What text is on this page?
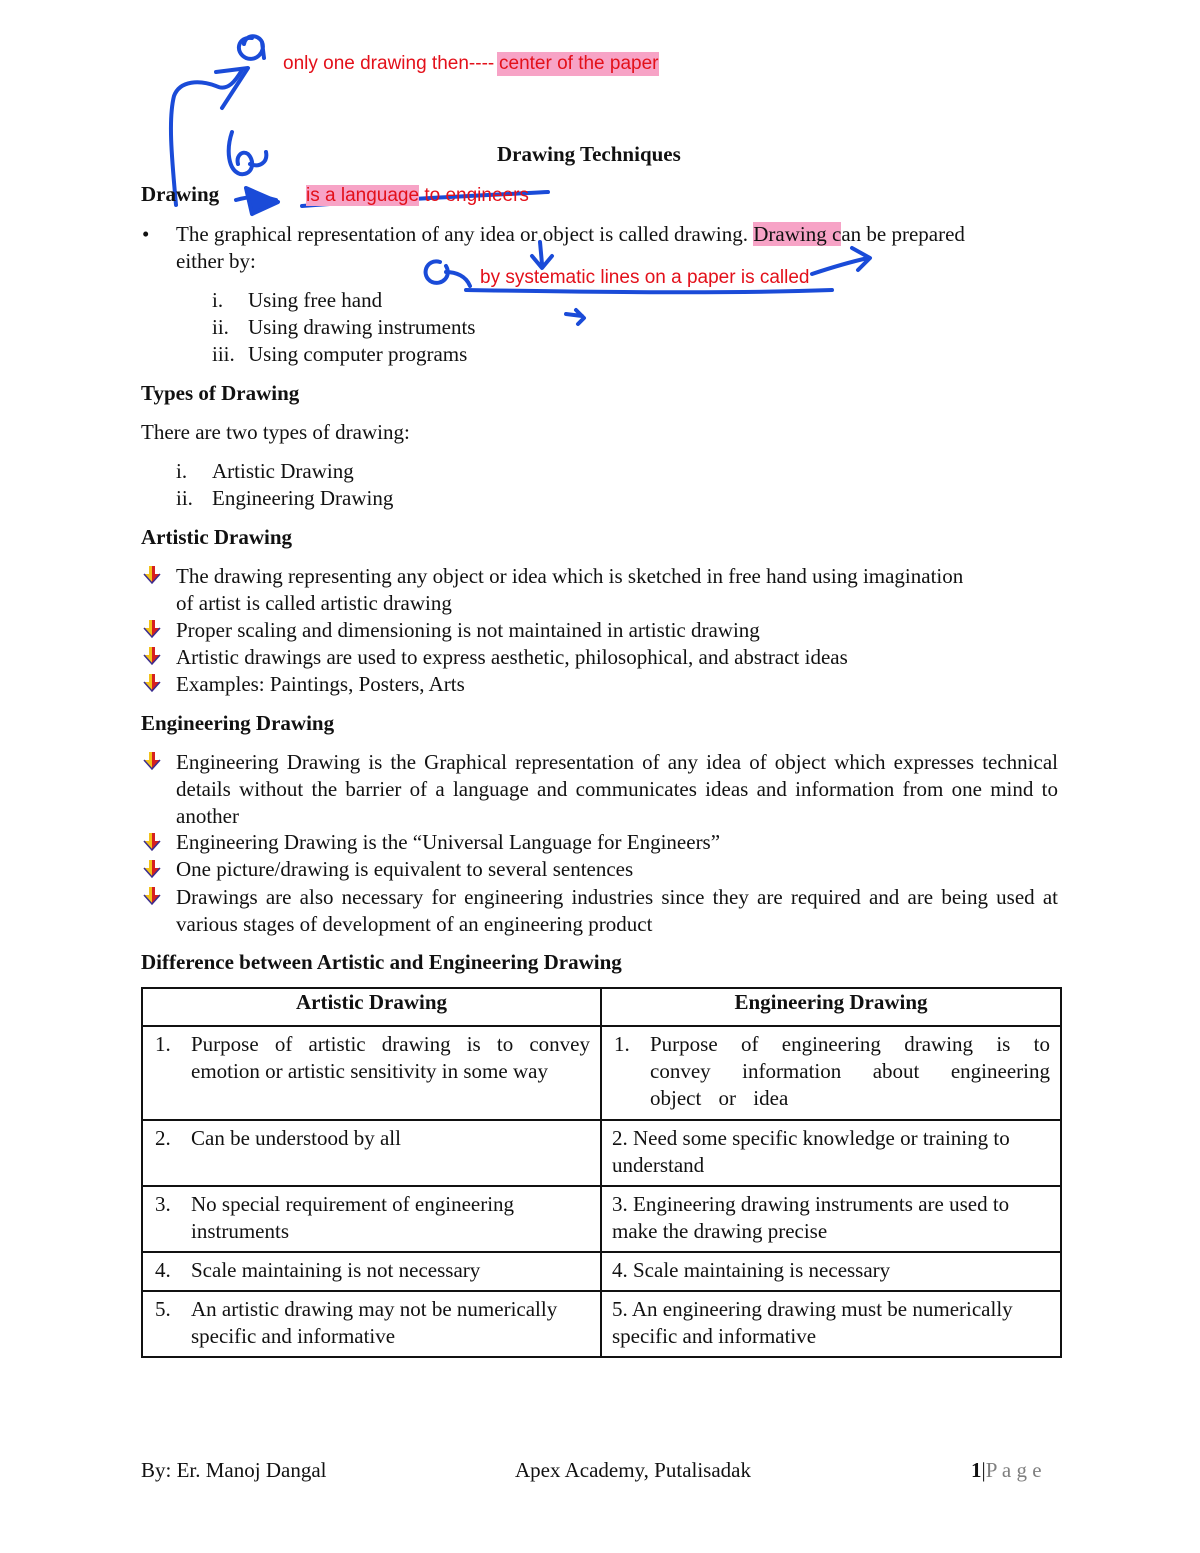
only one drawing then---- center of the paper
is a language to engineers
by systematic lines on a paper is called
Drawing Techniques
Drawing
• The graphical representation of any idea or object is called drawing. Drawing can be prepared
either by:
i. Using free hand
ii. Using drawing instruments
iii. Using computer programs
Types of Drawing
There are two types of drawing:
i. Artistic Drawing
ii. Engineering Drawing
Artistic Drawing
The drawing representing any object or idea which is sketched in free hand using imagination
of artist is called artistic drawing
Proper scaling and dimensioning is not maintained in artistic drawing
Artistic drawings are used to express aesthetic, philosophical, and abstract ideas
Examples: Paintings, Posters, Arts
Engineering Drawing
Engineering Drawing is the Graphical representation of any idea of object which expresses technical details without the barrier of a language and communicates ideas and information from one mind to another
Engineering Drawing is the “Universal Language for Engineers”
One picture/drawing is equivalent to several sentences
Drawings are also necessary for engineering industries since they are required and are being used at various stages of development of an engineering product
Difference between Artistic and Engineering Drawing
Artistic Drawing	Engineering Drawing

1. Purpose of artistic drawing is to convey emotion or artistic sensitivity in some way	1. Purpose of engineering drawing is to convey information about engineering object or idea

2. Can be understood by all	2. Need some specific knowledge or training to understand

3. No special requirement of engineering instruments	3. Engineering drawing instruments are used to make the drawing precise

4. Scale maintaining is not necessary	4. Scale maintaining is necessary

5. An artistic drawing may not be numerically specific and informative	5. An engineering drawing must be numerically specific and informative
By: Er. Manoj Dangal	Apex Academy, Putalisadak	1|P a g e
